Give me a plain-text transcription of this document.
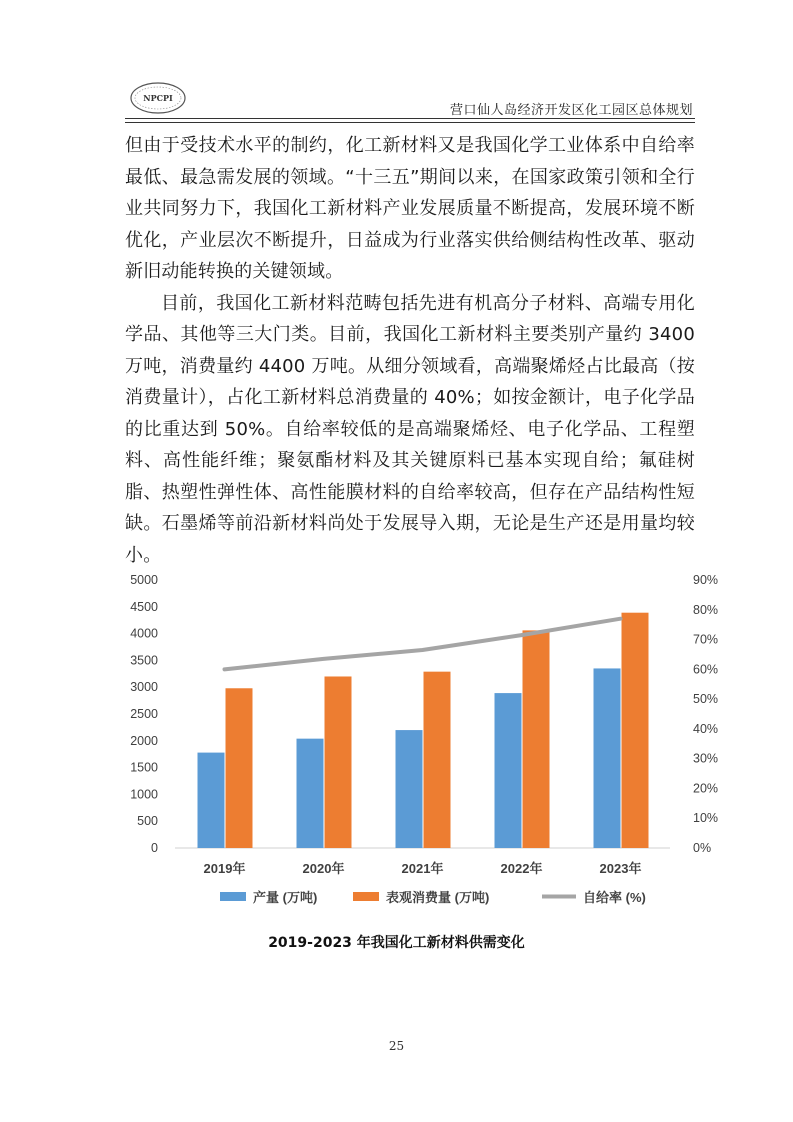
NPCPI
营口仙人岛经济开发区化工园区总体规划

但由于受技术水平的制约，化工新材料又是我国化学工业体系中自给率最低、最急需发展的领域。“十三五”期间以来，在国家政策引领和全行业共同努力下，我国化工新材料产业发展质量不断提高，发展环境不断优化，产业层次不断提升，日益成为行业落实供给侧结构性改革、驱动新旧动能转换的关键领域。

目前，我国化工新材料范畴包括先进有机高分子材料、高端专用化学品、其他等三大门类。目前，我国化工新材料主要类别产量约 3400 万吨，消费量约 4400 万吨。从细分领域看，高端聚烯烃占比最高（按消费量计），占化工新材料总消费量的 40%；如按金额计，电子化学品的比重达到 50%。自给率较低的是高端聚烯烃、电子化学品、工程塑料、高性能纤维；聚氨酯材料及其关键原料已基本实现自给；氟硅树脂、热塑性弹性体、高性能膜材料的自给率较高，但存在产品结构性短缺。石墨烯等前沿新材料尚处于发展导入期，无论是生产还是用量均较小。

0
500
1000
1500
2000
2500
3000
3500
4000
4500
5000
0%
10%
20%
30%
40%
50%
60%
70%
80%
90%
2019年	2020年	2021年	2022年	2023年
产量 (万吨)	表观消费量 (万吨)	自给率 (%)
2019-2023 年我国化工新材料供需变化
25
